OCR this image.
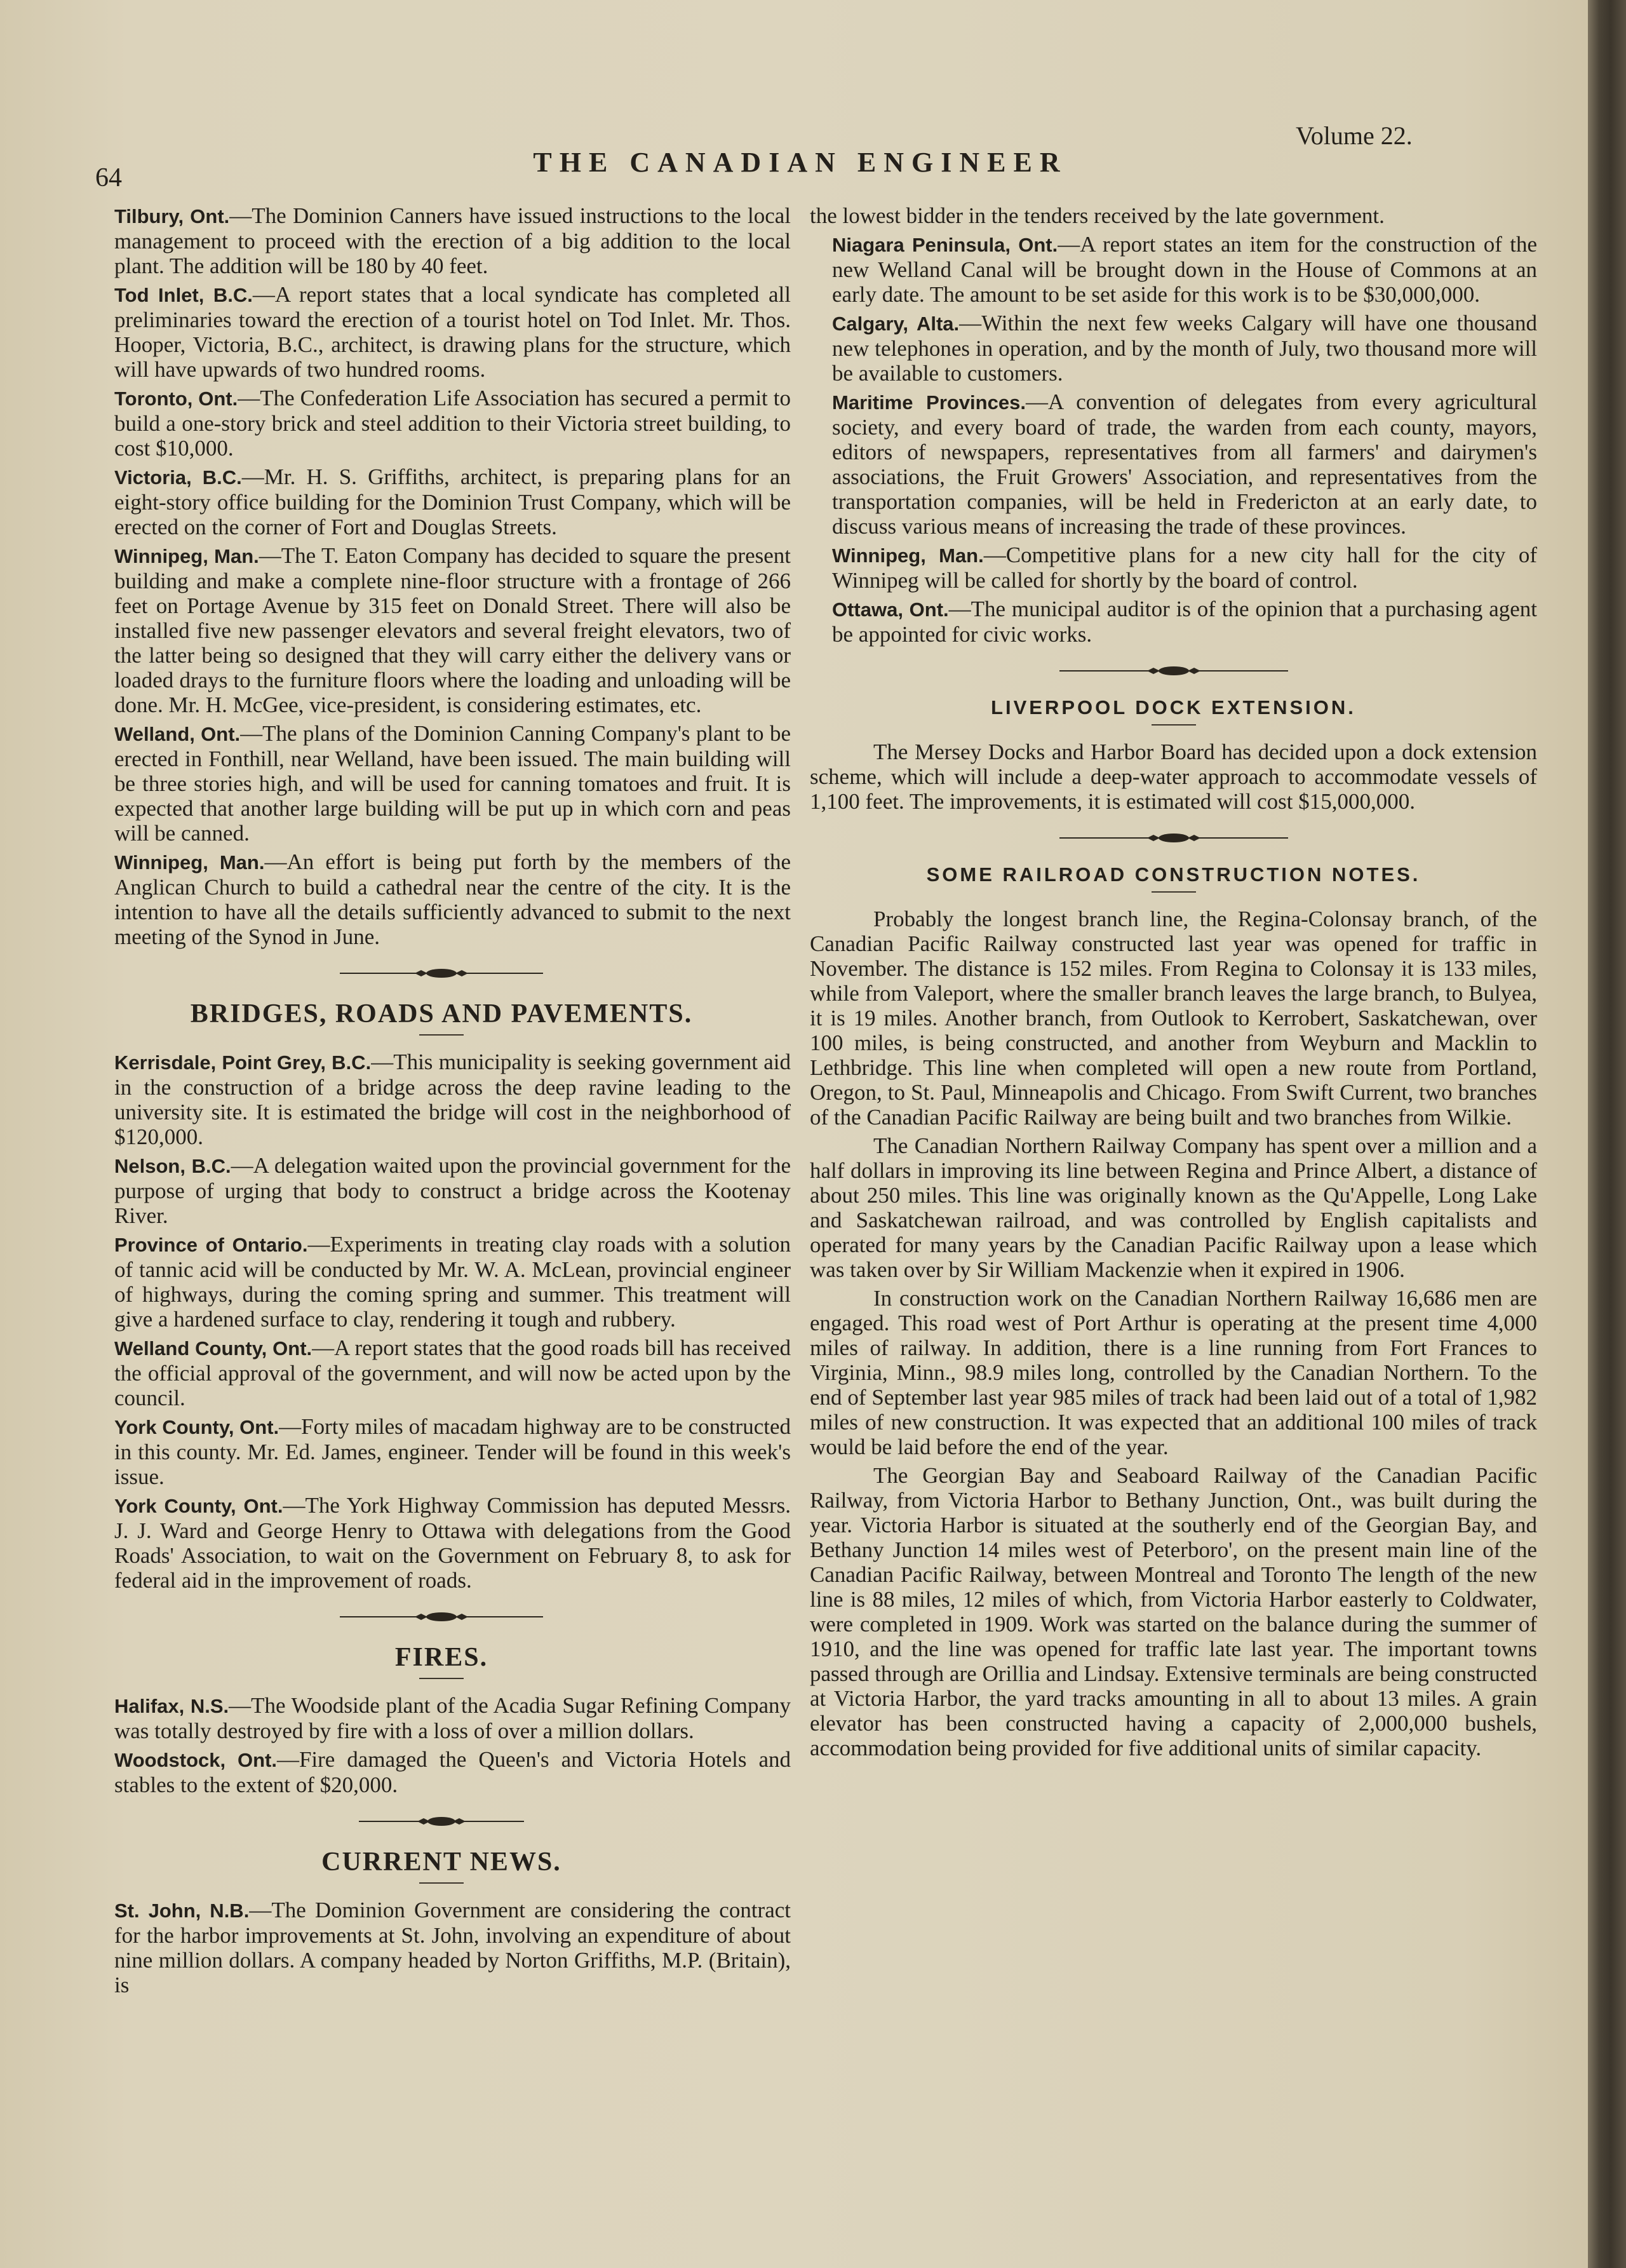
64	THE CANADIAN ENGINEER
Volume 22.

Tilbury, Ont.—The Dominion Canners have issued instructions to the local management to proceed with the erection of a big addition to the local plant. The addition will be 180 by 40 feet.

Tod Inlet, B.C.—A report states that a local syndicate has completed all preliminaries toward the erection of a tourist hotel on Tod Inlet. Mr. Thos. Hooper, Victoria, B.C., architect, is drawing plans for the structure, which will have upwards of two hundred rooms.

Toronto, Ont.—The Confederation Life Association has secured a permit to build a one-story brick and steel addition to their Victoria street building, to cost $10,000.

Victoria, B.C.—Mr. H. S. Griffiths, architect, is preparing plans for an eight-story office building for the Dominion Trust Company, which will be erected on the corner of Fort and Douglas Streets.

Winnipeg, Man.—The T. Eaton Company has decided to square the present building and make a complete nine-floor structure with a frontage of 266 feet on Portage Avenue by 315 feet on Donald Street. There will also be installed five new passenger elevators and several freight elevators, two of the latter being so designed that they will carry either the delivery vans or loaded drays to the furniture floors where the loading and unloading will be done. Mr. H. McGee, vice-president, is considering estimates, etc.

Welland, Ont.—The plans of the Dominion Canning Company's plant to be erected in Fonthill, near Welland, have been issued. The main building will be three stories high, and will be used for canning tomatoes and fruit. It is expected that another large building will be put up in which corn and peas will be canned.

Winnipeg, Man.—An effort is being put forth by the members of the Anglican Church to build a cathedral near the centre of the city. It is the intention to have all the details sufficiently advanced to submit to the next meeting of the Synod in June.

BRIDGES, ROADS AND PAVEMENTS.

Kerrisdale, Point Grey, B.C.—This municipality is seeking government aid in the construction of a bridge across the deep ravine leading to the university site. It is estimated the bridge will cost in the neighborhood of $120,000.

Nelson, B.C.—A delegation waited upon the provincial government for the purpose of urging that body to construct a bridge across the Kootenay River.

Province of Ontario.—Experiments in treating clay roads with a solution of tannic acid will be conducted by Mr. W. A. McLean, provincial engineer of highways, during the coming spring and summer. This treatment will give a hardened surface to clay, rendering it tough and rubbery.

Welland County, Ont.—A report states that the good roads bill has received the official approval of the government, and will now be acted upon by the council.

York County, Ont.—Forty miles of macadam highway are to be constructed in this county. Mr. Ed. James, engineer. Tender will be found in this week's issue.

York County, Ont.—The York Highway Commission has deputed Messrs. J. J. Ward and George Henry to Ottawa with delegations from the Good Roads' Association, to wait on the Government on February 8, to ask for federal aid in the improvement of roads.

FIRES.

Halifax, N.S.—The Woodside plant of the Acadia Sugar Refining Company was totally destroyed by fire with a loss of over a million dollars.

Woodstock, Ont.—Fire damaged the Queen's and Victoria Hotels and stables to the extent of $20,000.

CURRENT NEWS.

St. John, N.B.—The Dominion Government are considering the contract for the harbor improvements at St. John, involving an expenditure of about nine million dollars. A company headed by Norton Griffiths, M.P. (Britain), is

the lowest bidder in the tenders received by the late government.

Niagara Peninsula, Ont.—A report states an item for the construction of the new Welland Canal will be brought down in the House of Commons at an early date. The amount to be set aside for this work is to be $30,000,000.

Calgary, Alta.—Within the next few weeks Calgary will have one thousand new telephones in operation, and by the month of July, two thousand more will be available to customers.

Maritime Provinces.—A convention of delegates from every agricultural society, and every board of trade, the warden from each county, mayors, editors of newspapers, representatives from all farmers' and dairymen's associations, the Fruit Growers' Association, and representatives from the transportation companies, will be held in Fredericton at an early date, to discuss various means of increasing the trade of these provinces.

Winnipeg, Man.—Competitive plans for a new city hall for the city of Winnipeg will be called for shortly by the board of control.

Ottawa, Ont.—The municipal auditor is of the opinion that a purchasing agent be appointed for civic works.

LIVERPOOL DOCK EXTENSION.

The Mersey Docks and Harbor Board has decided upon a dock extension scheme, which will include a deep-water approach to accommodate vessels of 1,100 feet. The improvements, it is estimated will cost $15,000,000.

SOME RAILROAD CONSTRUCTION NOTES.

Probably the longest branch line, the Regina-Colonsay branch, of the Canadian Pacific Railway constructed last year was opened for traffic in November. The distance is 152 miles. From Regina to Colonsay it is 133 miles, while from Valeport, where the smaller branch leaves the large branch, to Bulyea, it is 19 miles. Another branch, from Outlook to Kerrobert, Saskatchewan, over 100 miles, is being constructed, and another from Weyburn and Macklin to Lethbridge. This line when completed will open a new route from Portland, Oregon, to St. Paul, Minneapolis and Chicago. From Swift Current, two branches of the Canadian Pacific Railway are being built and two branches from Wilkie.

The Canadian Northern Railway Company has spent over a million and a half dollars in improving its line between Regina and Prince Albert, a distance of about 250 miles. This line was originally known as the Qu'Appelle, Long Lake and Saskatchewan railroad, and was controlled by English capitalists and operated for many years by the Canadian Pacific Railway upon a lease which was taken over by Sir William Mackenzie when it expired in 1906.

In construction work on the Canadian Northern Railway 16,686 men are engaged. This road west of Port Arthur is operating at the present time 4,000 miles of railway. In addition, there is a line running from Fort Frances to Virginia, Minn., 98.9 miles long, controlled by the Canadian Northern. To the end of September last year 985 miles of track had been laid out of a total of 1,982 miles of new construction. It was expected that an additional 100 miles of track would be laid before the end of the year.

The Georgian Bay and Seaboard Railway of the Canadian Pacific Railway, from Victoria Harbor to Bethany Junction, Ont., was built during the year. Victoria Harbor is situated at the southerly end of the Georgian Bay, and Bethany Junction 14 miles west of Peterboro', on the present main line of the Canadian Pacific Railway, between Montreal and Toronto The length of the new line is 88 miles, 12 miles of which, from Victoria Harbor easterly to Coldwater, were completed in 1909. Work was started on the balance during the summer of 1910, and the line was opened for traffic late last year. The important towns passed through are Orillia and Lindsay. Extensive terminals are being constructed at Victoria Harbor, the yard tracks amounting in all to about 13 miles. A grain elevator has been constructed having a capacity of 2,000,000 bushels, accommodation being provided for five additional units of similar capacity.
